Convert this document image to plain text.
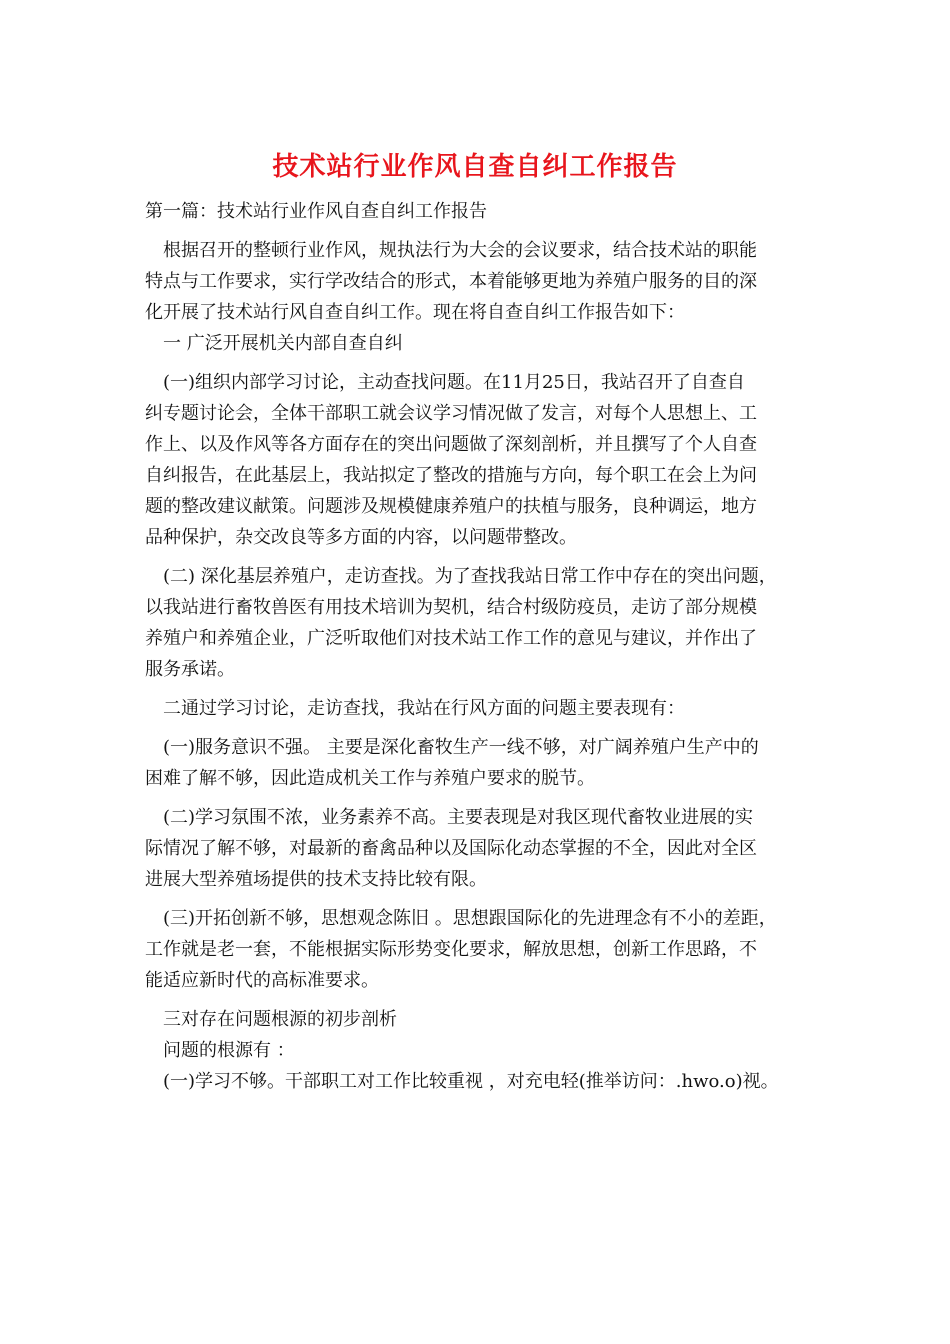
技术站行业作风自查自纠工作报告
第一篇：技术站行业作风自查自纠工作报告
根据召开的整顿行业作风，规执法行为大会的会议要求，结合技术站的职能
特点与工作要求，实行学改结合的形式，本着能够更地为养殖户服务的目的深
化开展了技术站行风自查自纠工作。现在将自查自纠工作报告如下：
一 广泛开展机关内部自查自纠
(一)组织内部学习讨论，主动查找问题。在11月25日，我站召开了自查自
纠专题讨论会，全体干部职工就会议学习情况做了发言，对每个人思想上、工
作上、以及作风等各方面存在的突出问题做了深刻剖析，并且撰写了个人自查
自纠报告，在此基层上，我站拟定了整改的措施与方向，每个职工在会上为问
题的整改建议献策。问题涉及规模健康养殖户的扶植与服务，良种调运，地方
品种保护，杂交改良等多方面的内容，以问题带整改。
(二) 深化基层养殖户，走访查找。为了查找我站日常工作中存在的突出问题，
以我站进行畜牧兽医有用技术培训为契机，结合村级防疫员，走访了部分规模
养殖户和养殖企业，广泛听取他们对技术站工作工作的意见与建议，并作出了
服务承诺。
二通过学习讨论，走访查找，我站在行风方面的问题主要表现有：
(一)服务意识不强。 主要是深化畜牧生产一线不够，对广阔养殖户生产中的
困难了解不够，因此造成机关工作与养殖户要求的脱节。
(二)学习氛围不浓，业务素养不高。主要表现是对我区现代畜牧业进展的实
际情况了解不够，对最新的畜禽品种以及国际化动态掌握的不全，因此对全区
进展大型养殖场提供的技术支持比较有限。
(三)开拓创新不够，思想观念陈旧 。思想跟国际化的先进理念有不小的差距，
工作就是老一套，不能根据实际形势变化要求，解放思想，创新工作思路，不
能适应新时代的高标准要求。
三对存在问题根源的初步剖析
问题的根源有 ：
(一)学习不够。干部职工对工作比较重视 ，对充电轻(推举访问：.hwo.o)视。
